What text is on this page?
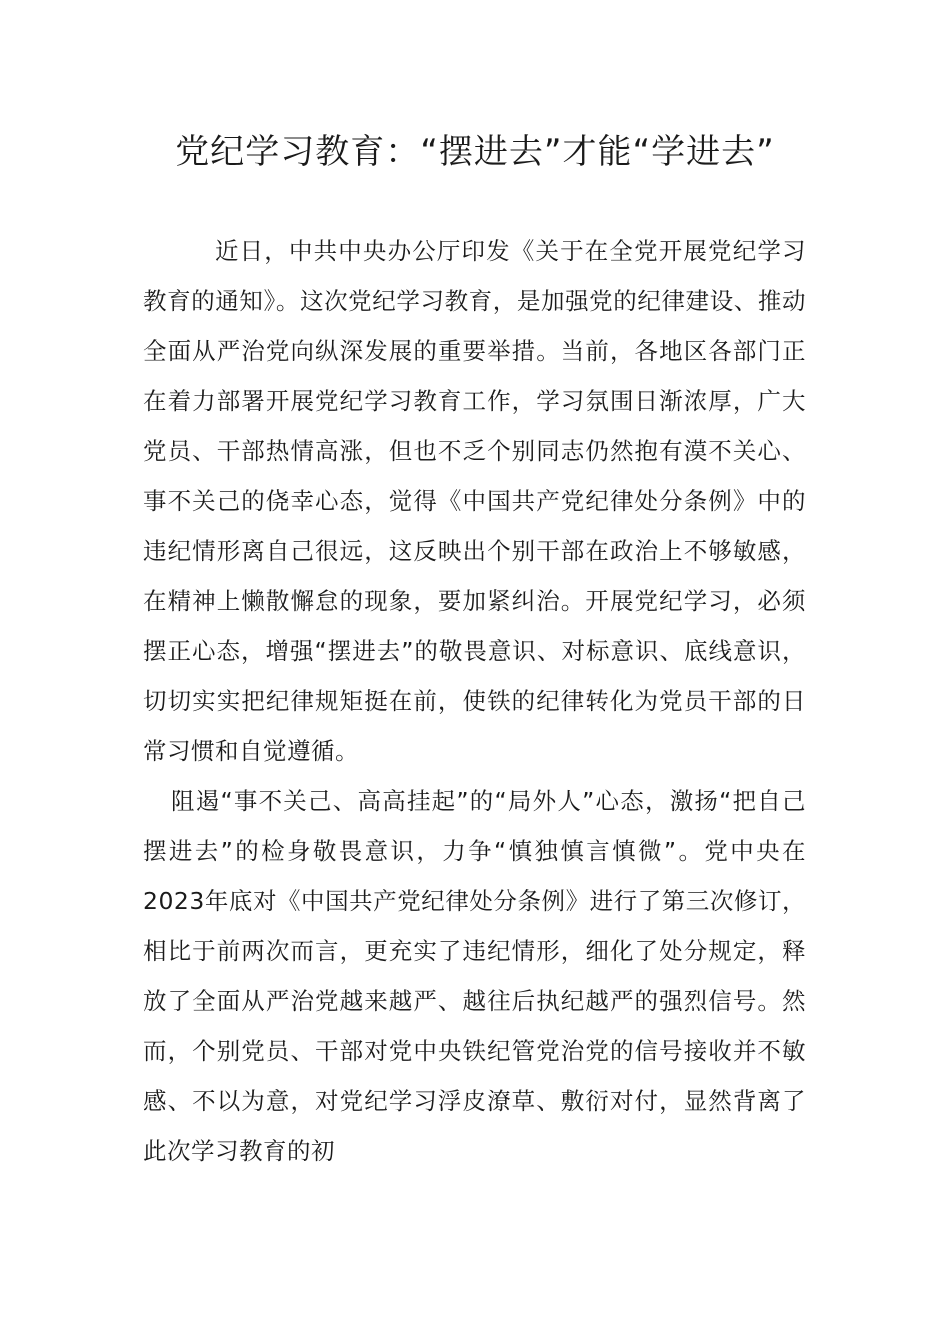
党纪学习教育：“摆进去”才能“学进去”

近日，中共中央办公厅印发《关于在全党开展党纪学习教育的通知》。这次党纪学习教育，是加强党的纪律建设、推动全面从严治党向纵深发展的重要举措。当前，各地区各部门正在着力部署开展党纪学习教育工作，学习氛围日渐浓厚，广大党员、干部热情高涨，但也不乏个别同志仍然抱有漠不关心、事不关己的侥幸心态，觉得《中国共产党纪律处分条例》中的违纪情形离自己很远，这反映出个别干部在政治上不够敏感，在精神上懒散懈怠的现象，要加紧纠治。开展党纪学习，必须摆正心态，增强“摆进去”的敬畏意识、对标意识、底线意识，切切实实把纪律规矩挺在前，使铁的纪律转化为党员干部的日常习惯和自觉遵循。

阻遏“事不关己、高高挂起”的“局外人”心态，激扬“把自己摆进去”的检身敬畏意识，力争“慎独慎言慎微”。党中央在2023年底对《中国共产党纪律处分条例》进行了第三次修订，相比于前两次而言，更充实了违纪情形，细化了处分规定，释放了全面从严治党越来越严、越往后执纪越严的强烈信号。然而，个别党员、干部对党中央铁纪管党治党的信号接收并不敏感、不以为意，对党纪学习浮皮潦草、敷衍对付，显然背离了此次学习教育的初
